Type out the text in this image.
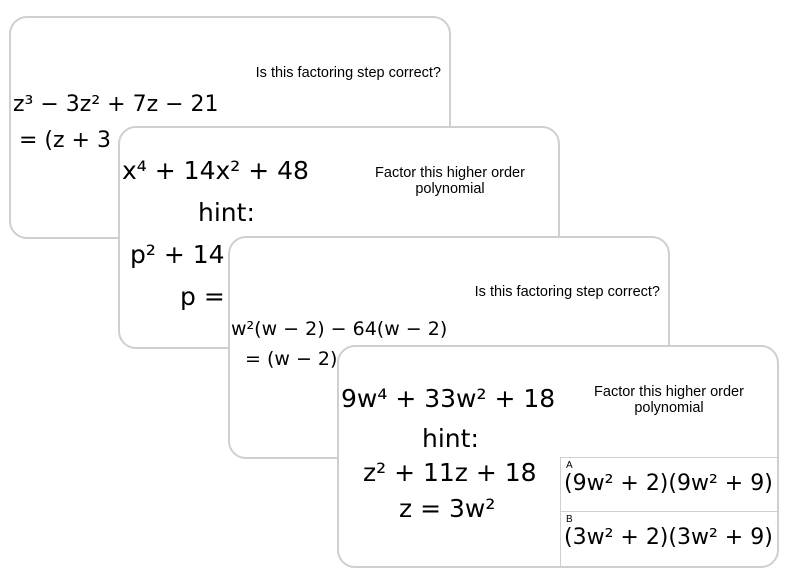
Is this factoring step correct?
z³ − 3z² + 7z − 21
= (z + 3
x⁴ + 14x² + 48	Factor this higher order polynomial
hint:
p² + 14
p =	Is this factoring step correct?
w²(w − 2) − 64(w − 2)
= (w − 2)
9w⁴ + 33w² + 18	Factor this higher order polynomial
hint:
z² + 11z + 18
z = 3w²
A
(9w² + 2)(9w² + 9)
B
(3w² + 2)(3w² + 9)
